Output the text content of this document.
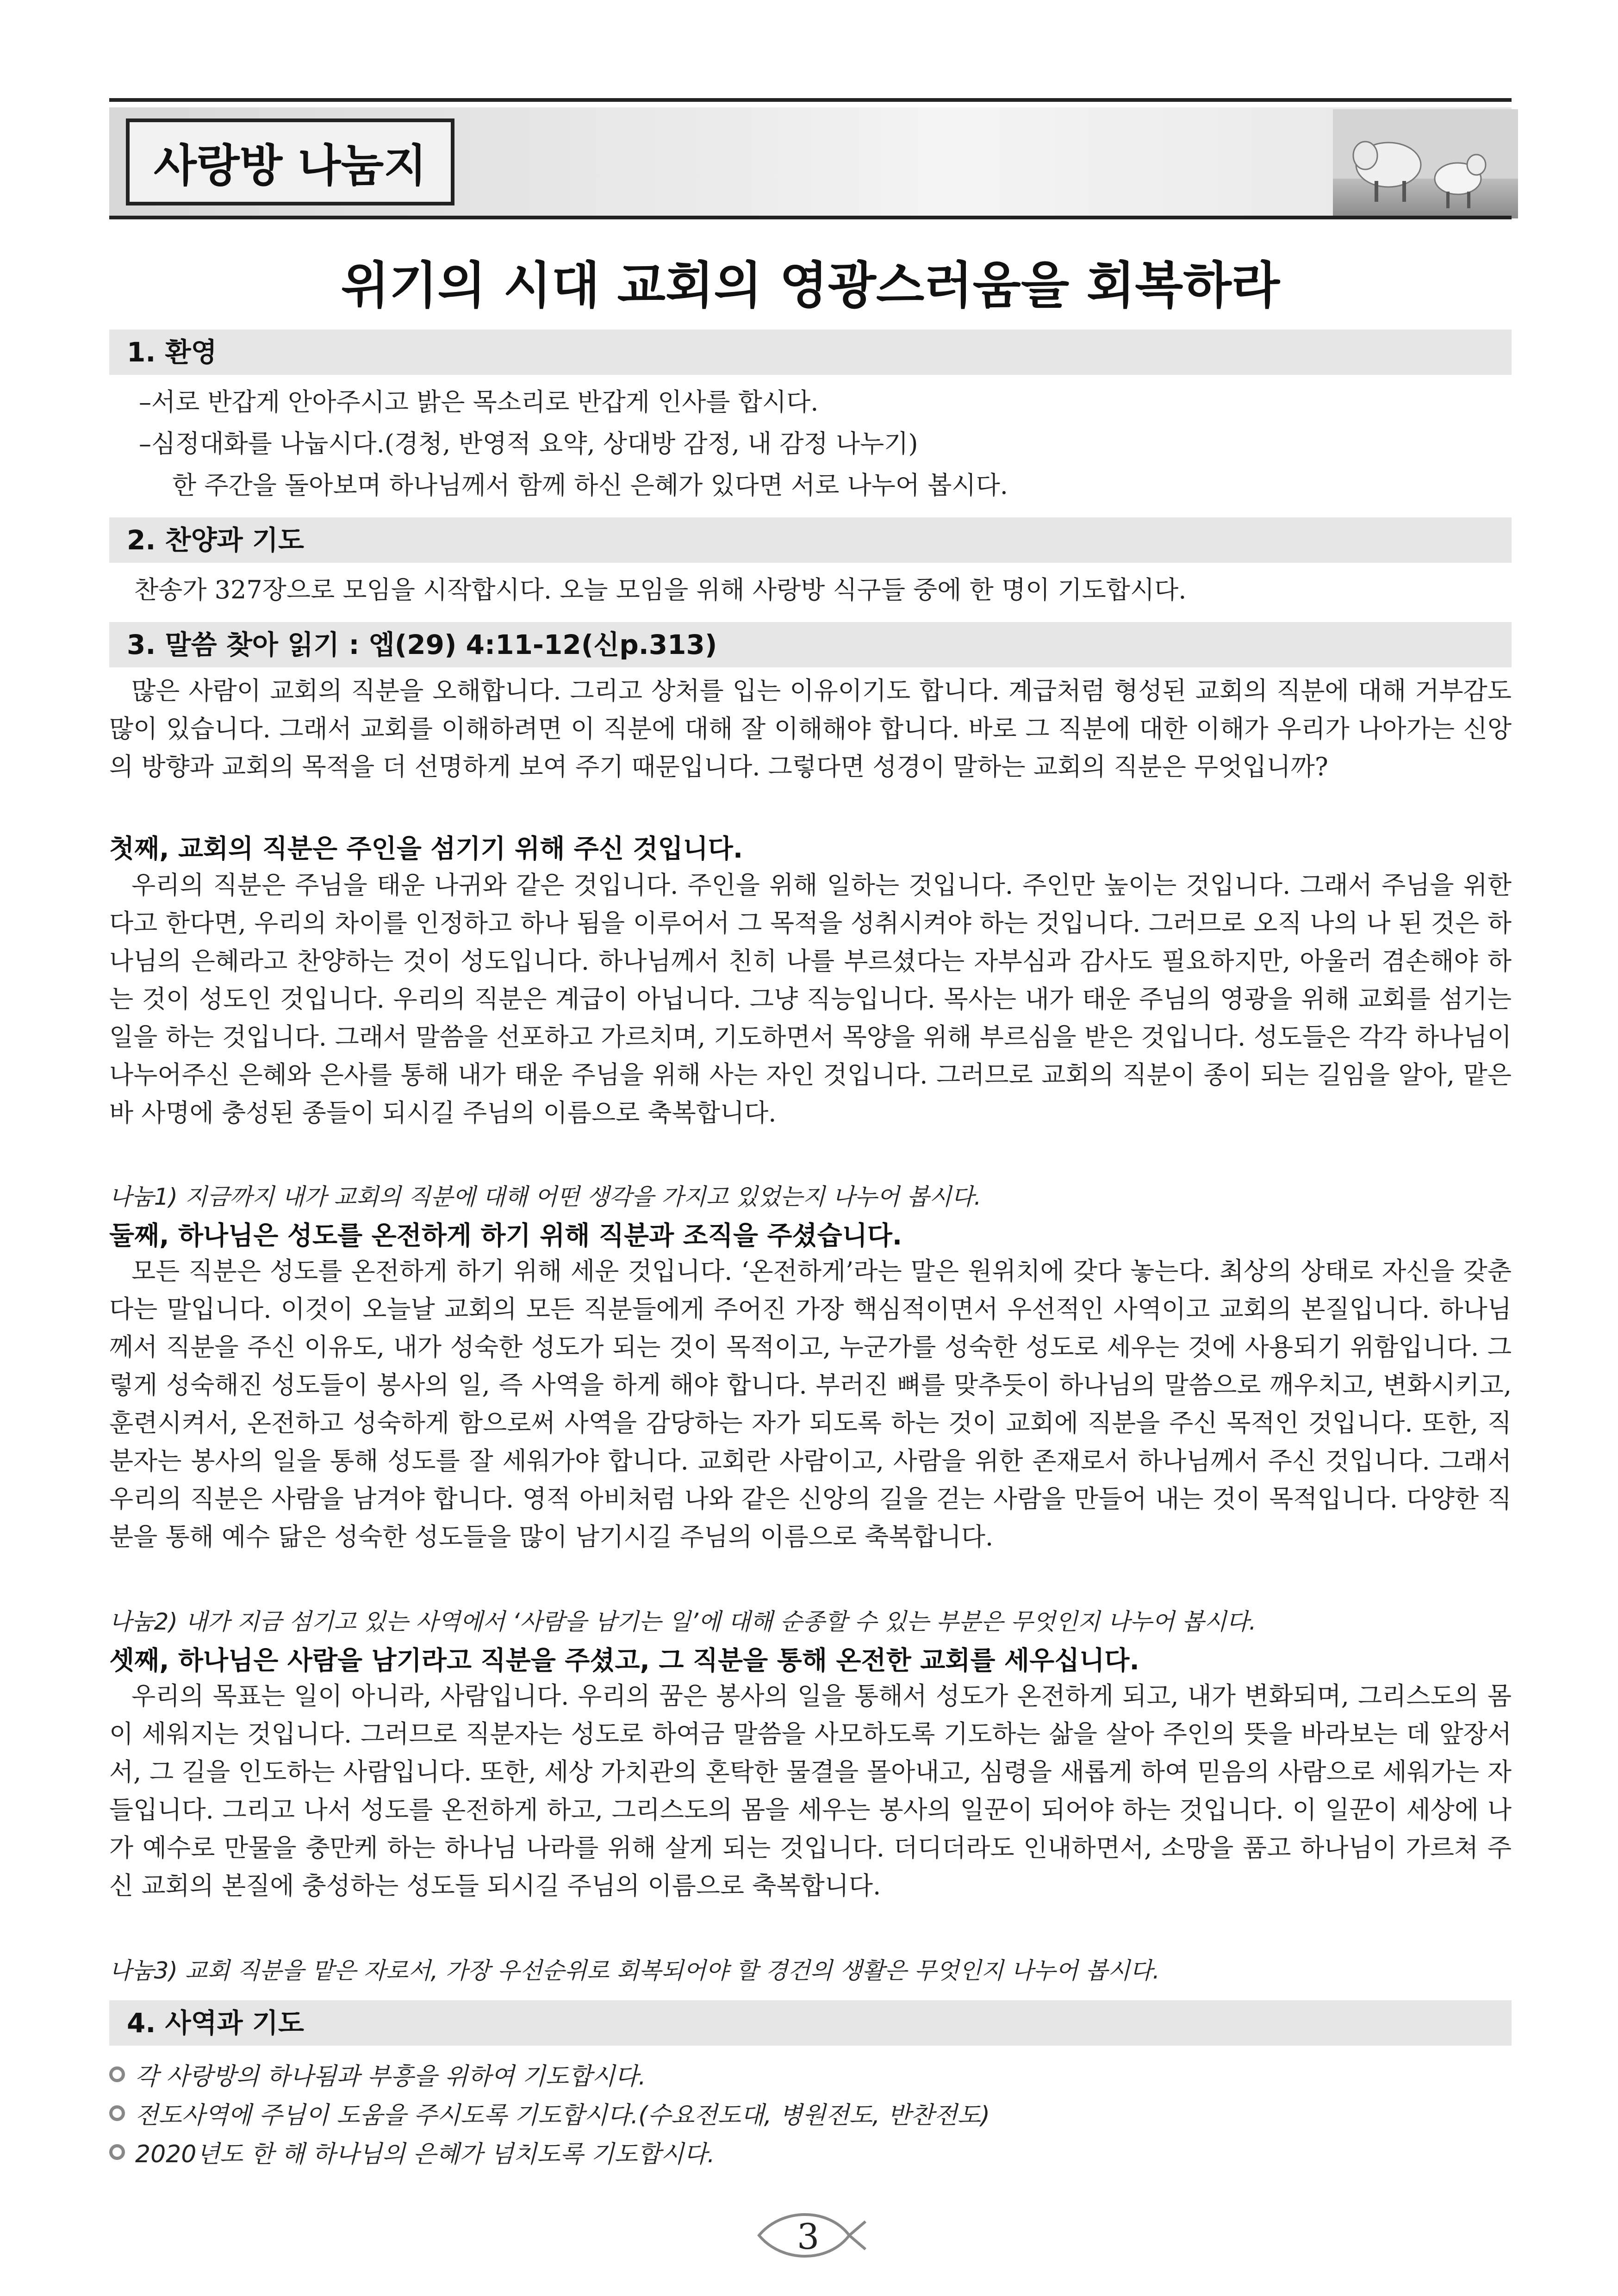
사랑방 나눔지
위기의 시대 교회의 영광스러움을 회복하라
1. 환영
–서로 반갑게 안아주시고 밝은 목소리로 반갑게 인사를 합시다.
–심정대화를 나눕시다.(경청, 반영적 요약, 상대방 감정, 내 감정 나누기)
한 주간을 돌아보며 하나님께서 함께 하신 은혜가 있다면 서로 나누어 봅시다.
2. 찬양과 기도
찬송가 327장으로 모임을 시작합시다. 오늘 모임을 위해 사랑방 식구들 중에 한 명이 기도합시다.
3. 말씀 찾아 읽기 : 엡(29) 4:11-12(신p.313)
많은 사람이 교회의 직분을 오해합니다. 그리고 상처를 입는 이유이기도 합니다. 계급처럼 형성된 교회의 직분에 대해 거부감도 많이 있습니다. 그래서 교회를 이해하려면 이 직분에 대해 잘 이해해야 합니다. 바로 그 직분에 대한 이해가 우리가 나아가는 신앙의 방향과 교회의 목적을 더 선명하게 보여 주기 때문입니다. 그렇다면 성경이 말하는 교회의 직분은 무엇입니까?
첫째, 교회의 직분은 주인을 섬기기 위해 주신 것입니다.
우리의 직분은 주님을 태운 나귀와 같은 것입니다. 주인을 위해 일하는 것입니다. 주인만 높이는 것입니다. 그래서 주님을 위한다고 한다면, 우리의 차이를 인정하고 하나 됨을 이루어서 그 목적을 성취시켜야 하는 것입니다. 그러므로 오직 나의 나 된 것은 하나님의 은혜라고 찬양하는 것이 성도입니다. 하나님께서 친히 나를 부르셨다는 자부심과 감사도 필요하지만, 아울러 겸손해야 하는 것이 성도인 것입니다. 우리의 직분은 계급이 아닙니다. 그냥 직능입니다. 목사는 내가 태운 주님의 영광을 위해 교회를 섬기는 일을 하는 것입니다. 그래서 말씀을 선포하고 가르치며, 기도하면서 목양을 위해 부르심을 받은 것입니다. 성도들은 각각 하나님이 나누어주신 은혜와 은사를 통해 내가 태운 주님을 위해 사는 자인 것입니다. 그러므로 교회의 직분이 종이 되는 길임을 알아, 맡은 바 사명에 충성된 종들이 되시길 주님의 이름으로 축복합니다.
나눔1) 지금까지 내가 교회의 직분에 대해 어떤 생각을 가지고 있었는지 나누어 봅시다.
둘째, 하나님은 성도를 온전하게 하기 위해 직분과 조직을 주셨습니다.
모든 직분은 성도를 온전하게 하기 위해 세운 것입니다. ‘온전하게’라는 말은 원위치에 갖다 놓는다. 최상의 상태로 자신을 갖춘다는 말입니다. 이것이 오늘날 교회의 모든 직분들에게 주어진 가장 핵심적이면서 우선적인 사역이고 교회의 본질입니다. 하나님께서 직분을 주신 이유도, 내가 성숙한 성도가 되는 것이 목적이고, 누군가를 성숙한 성도로 세우는 것에 사용되기 위함입니다. 그렇게 성숙해진 성도들이 봉사의 일, 즉 사역을 하게 해야 합니다. 부러진 뼈를 맞추듯이 하나님의 말씀으로 깨우치고, 변화시키고, 훈련시켜서, 온전하고 성숙하게 함으로써 사역을 감당하는 자가 되도록 하는 것이 교회에 직분을 주신 목적인 것입니다. 또한, 직분자는 봉사의 일을 통해 성도를 잘 세워가야 합니다. 교회란 사람이고, 사람을 위한 존재로서 하나님께서 주신 것입니다. 그래서 우리의 직분은 사람을 남겨야 합니다. 영적 아비처럼 나와 같은 신앙의 길을 걷는 사람을 만들어 내는 것이 목적입니다. 다양한 직분을 통해 예수 닮은 성숙한 성도들을 많이 남기시길 주님의 이름으로 축복합니다.
나눔2) 내가 지금 섬기고 있는 사역에서 ‘사람을 남기는 일’에 대해 순종할 수 있는 부분은 무엇인지 나누어 봅시다.
셋째, 하나님은 사람을 남기라고 직분을 주셨고, 그 직분을 통해 온전한 교회를 세우십니다.
우리의 목표는 일이 아니라, 사람입니다. 우리의 꿈은 봉사의 일을 통해서 성도가 온전하게 되고, 내가 변화되며, 그리스도의 몸이 세워지는 것입니다. 그러므로 직분자는 성도로 하여금 말씀을 사모하도록 기도하는 삶을 살아 주인의 뜻을 바라보는 데 앞장서서, 그 길을 인도하는 사람입니다. 또한, 세상 가치관의 혼탁한 물결을 몰아내고, 심령을 새롭게 하여 믿음의 사람으로 세워가는 자들입니다. 그리고 나서 성도를 온전하게 하고, 그리스도의 몸을 세우는 봉사의 일꾼이 되어야 하는 것입니다. 이 일꾼이 세상에 나가 예수로 만물을 충만케 하는 하나님 나라를 위해 살게 되는 것입니다. 더디더라도 인내하면서, 소망을 품고 하나님이 가르쳐 주신 교회의 본질에 충성하는 성도들 되시길 주님의 이름으로 축복합니다.
나눔3) 교회 직분을 맡은 자로서, 가장 우선순위로 회복되어야 할 경건의 생활은 무엇인지 나누어 봅시다.
4. 사역과 기도
각 사랑방의 하나됨과 부흥을 위하여 기도합시다.
전도사역에 주님이 도움을 주시도록 기도합시다.(수요전도대, 병원전도, 반찬전도)
2020년도 한 해 하나님의 은혜가 넘치도록 기도합시다.
3
